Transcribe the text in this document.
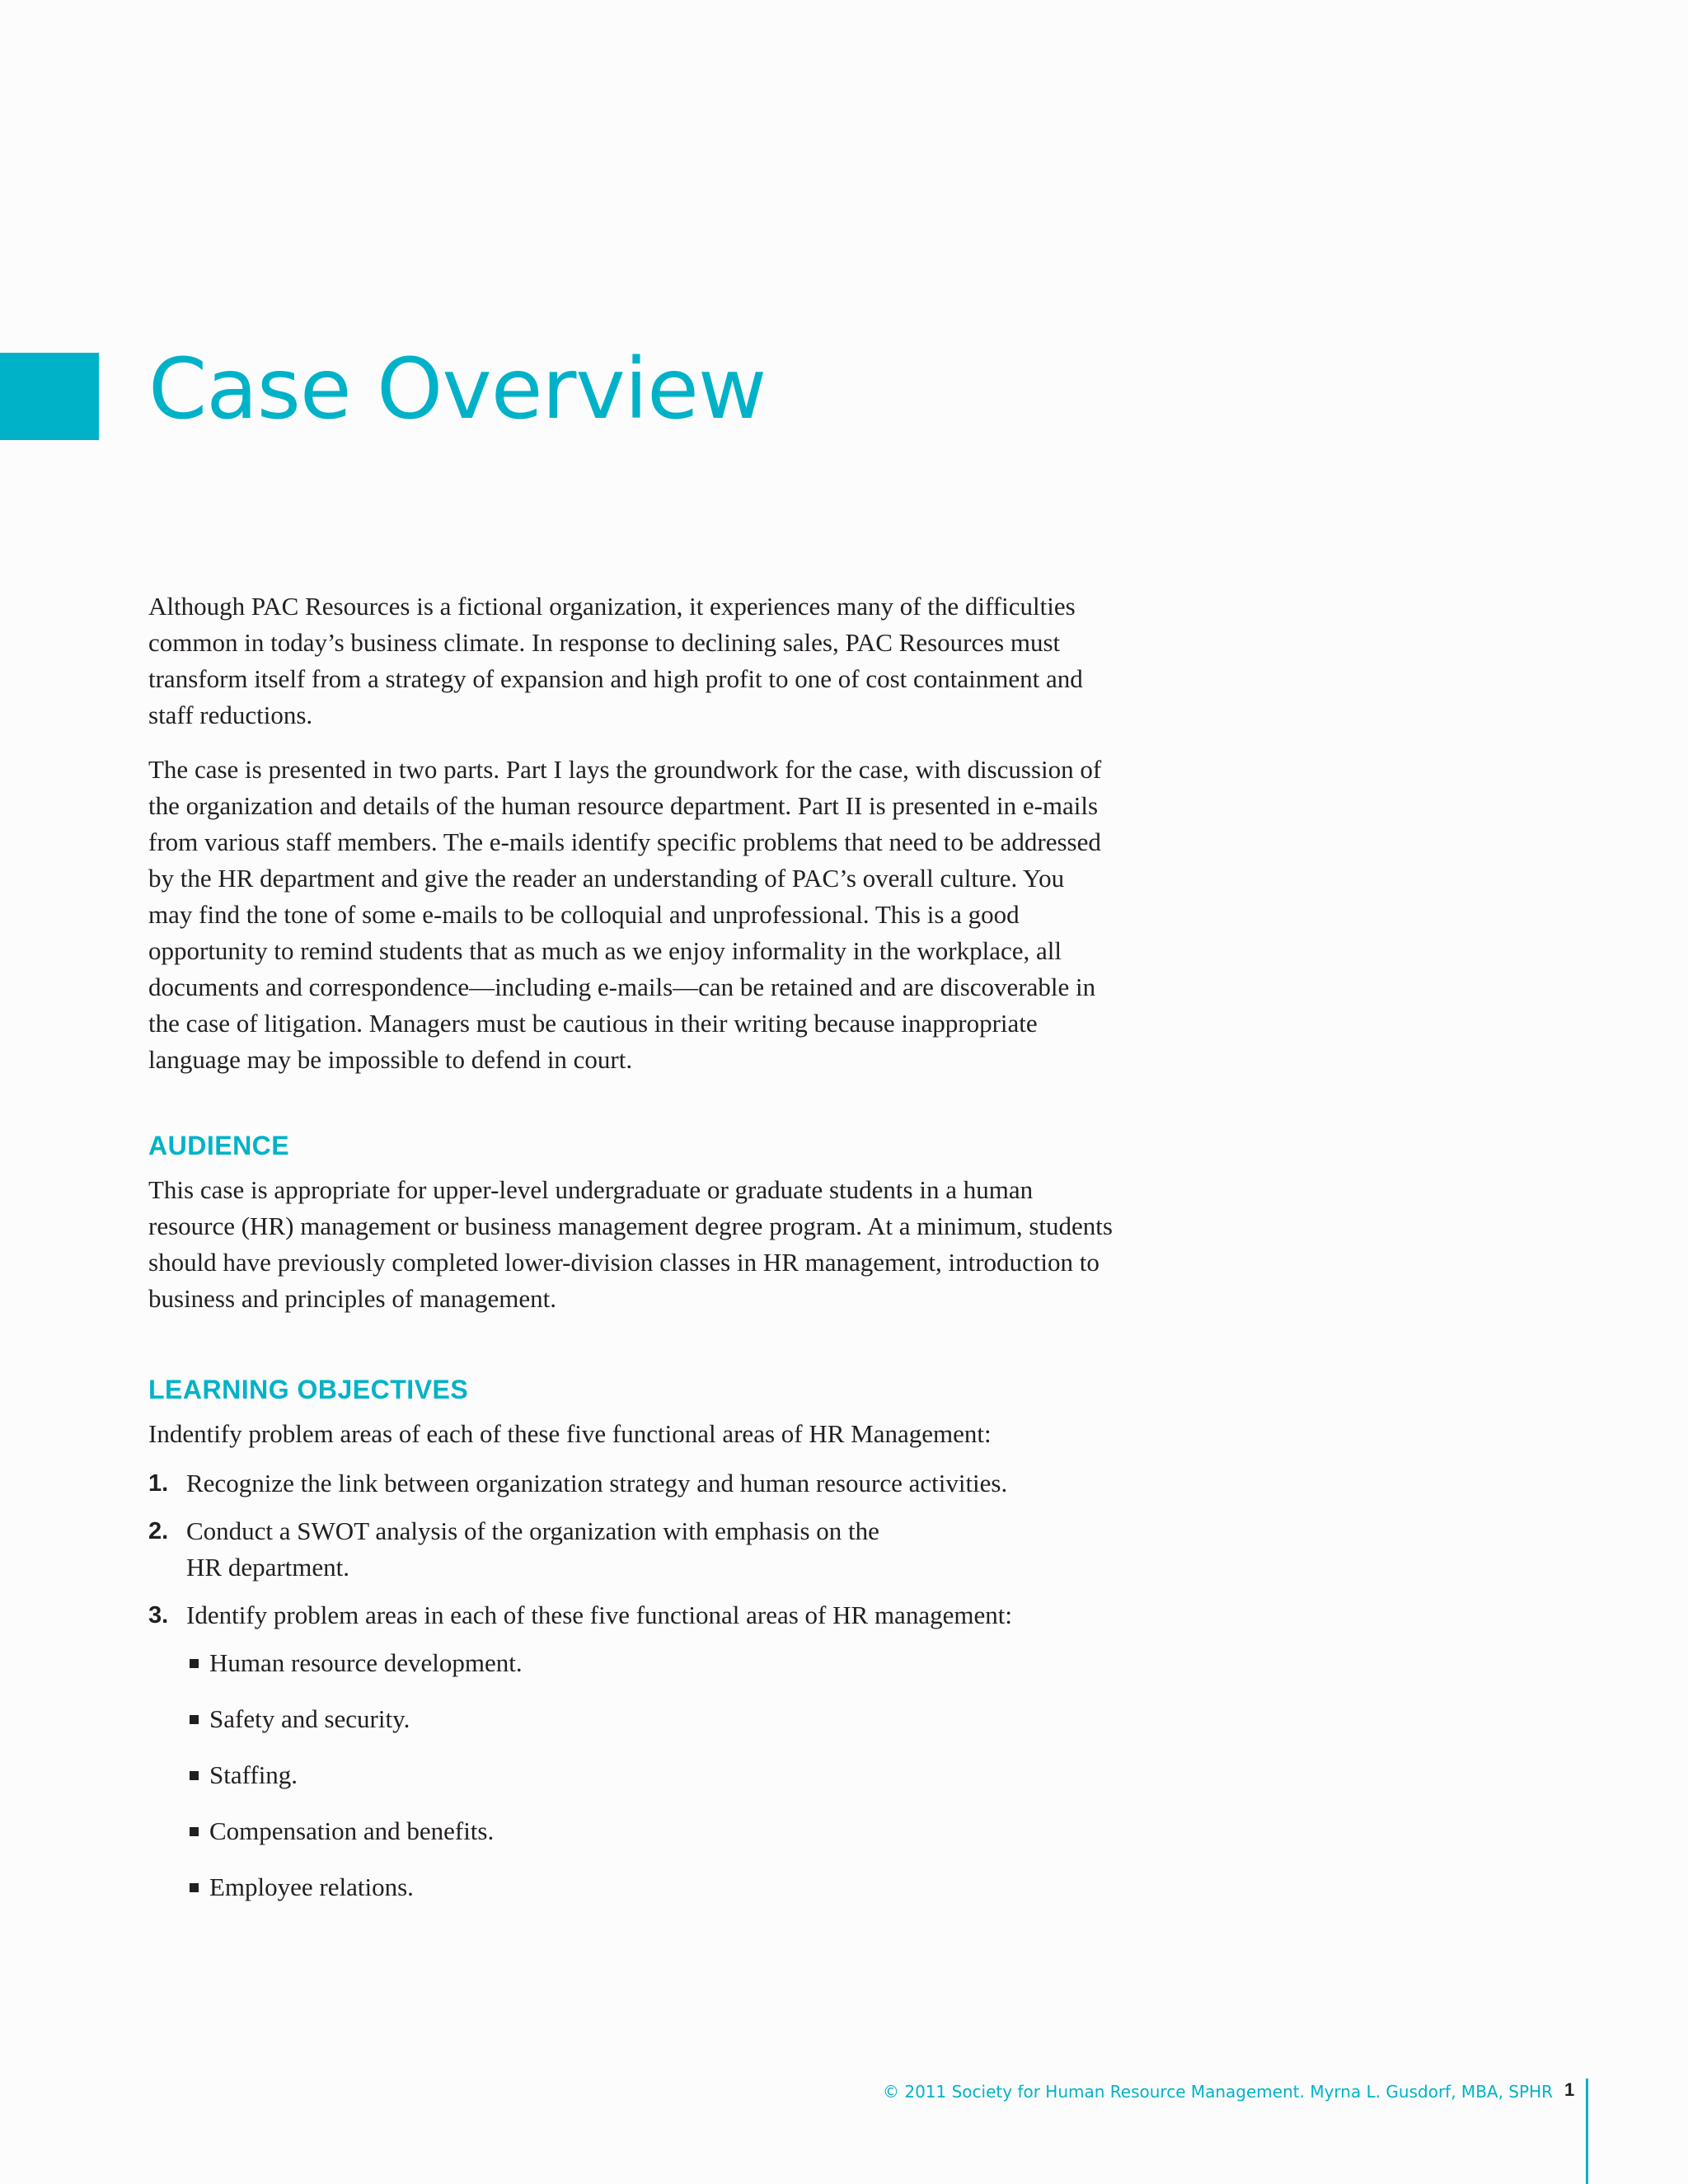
Case Overview

Although PAC Resources is a fictional organization, it experiences many of the difficulties common in today’s business climate. In response to declining sales, PAC Resources must transform itself from a strategy of expansion and high profit to one of cost containment and staff reductions.

The case is presented in two parts. Part I lays the groundwork for the case, with discussion of the organization and details of the human resource department. Part II is presented in e-mails from various staff members. The e-mails identify specific problems that need to be addressed by the HR department and give the reader an understanding of PAC’s overall culture. You may find the tone of some e-mails to be colloquial and unprofessional. This is a good opportunity to remind students that as much as we enjoy informality in the workplace, all documents and correspondence—including e-mails—can be retained and are discoverable in the case of litigation. Managers must be cautious in their writing because inappropriate language may be impossible to defend in court.

AUDIENCE

This case is appropriate for upper-level undergraduate or graduate students in a human resource (HR) management or business management degree program. At a minimum, students should have previously completed lower-division classes in HR management, introduction to business and principles of management.

LEARNING OBJECTIVES

Indentify problem areas of each of these five functional areas of HR Management:

1. Recognize the link between organization strategy and human resource activities.
2. Conduct a SWOT analysis of the organization with emphasis on the HR department.
3. Identify problem areas in each of these five functional areas of HR management:
Human resource development.
Safety and security.
Staffing.
Compensation and benefits.
Employee relations.
© 2011 Society for Human Resource Management. Myrna L. Gusdorf, MBA, SPHR 1
